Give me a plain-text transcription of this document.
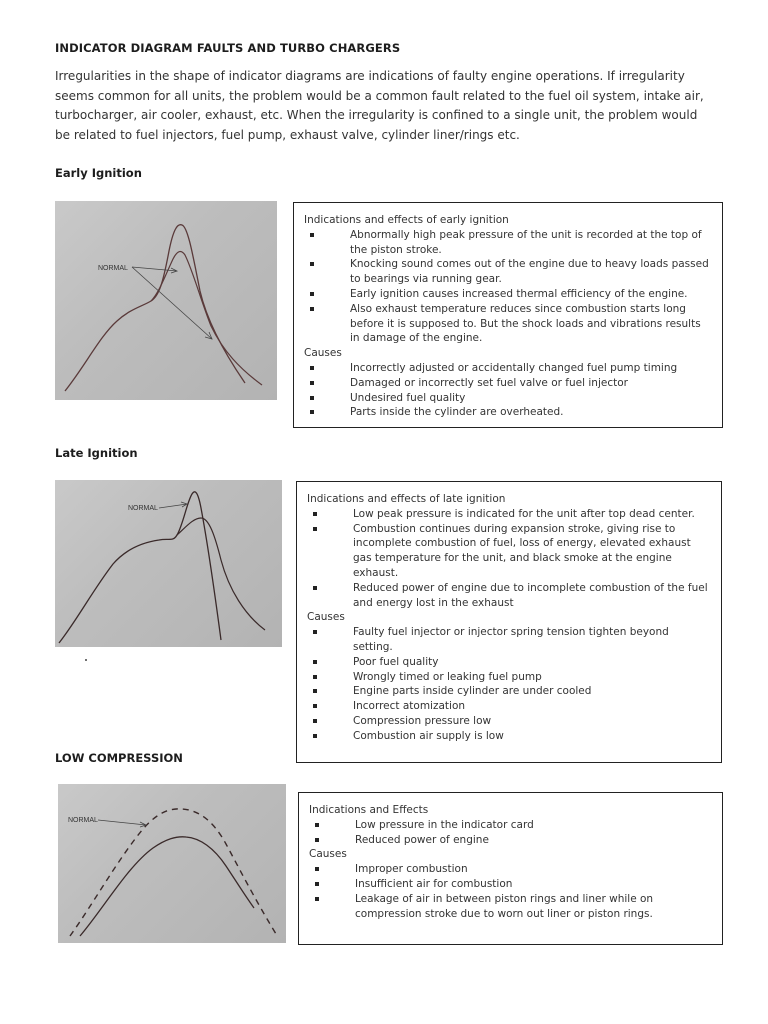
INDICATOR DIAGRAM FAULTS AND TURBO CHARGERS
Irregularities in the shape of indicator diagrams are indications of faulty engine operations. If irregularity seems common for all units, the problem would be a common fault related to the fuel oil system, intake air, turbocharger, air cooler, exhaust, etc. When the irregularity is confined to a single unit, the problem would be related to fuel injectors, fuel pump, exhaust valve, cylinder liner/rings etc.
Early Ignition
NORMAL
Indications and effects of early ignition
Abnormally high peak pressure of the unit is recorded at the top of the piston stroke.
Knocking sound comes out of the engine due to heavy loads passed to bearings via running gear.
Early ignition causes increased thermal efficiency of the engine.
Also exhaust temperature reduces since combustion starts long before it is supposed to. But the shock loads and vibrations results in damage of the engine.
Causes
Incorrectly adjusted or accidentally changed fuel pump timing
Damaged or incorrectly set fuel valve or fuel injector
Undesired fuel quality
Parts inside the cylinder are overheated.
Late Ignition
NORMAL
Indications and effects of late ignition
Low peak pressure is indicated for the unit after top dead center.
Combustion continues during expansion stroke, giving rise to incomplete combustion of fuel, loss of energy, elevated exhaust gas temperature for the unit, and black smoke at the engine exhaust.
Reduced power of engine due to incomplete combustion of the fuel and energy lost in the exhaust
Causes
Faulty fuel injector or injector spring tension tighten beyond setting.
Poor fuel quality
Wrongly timed or leaking fuel pump
Engine parts inside cylinder are under cooled
Incorrect atomization
Compression pressure low
Combustion air supply is low
LOW COMPRESSION
NORMAL
Indications and Effects
Low pressure in the indicator card
Reduced power of engine
Causes
Improper combustion
Insufficient air for combustion
Leakage of air in between piston rings and liner while on compression stroke due to worn out liner or piston rings.
